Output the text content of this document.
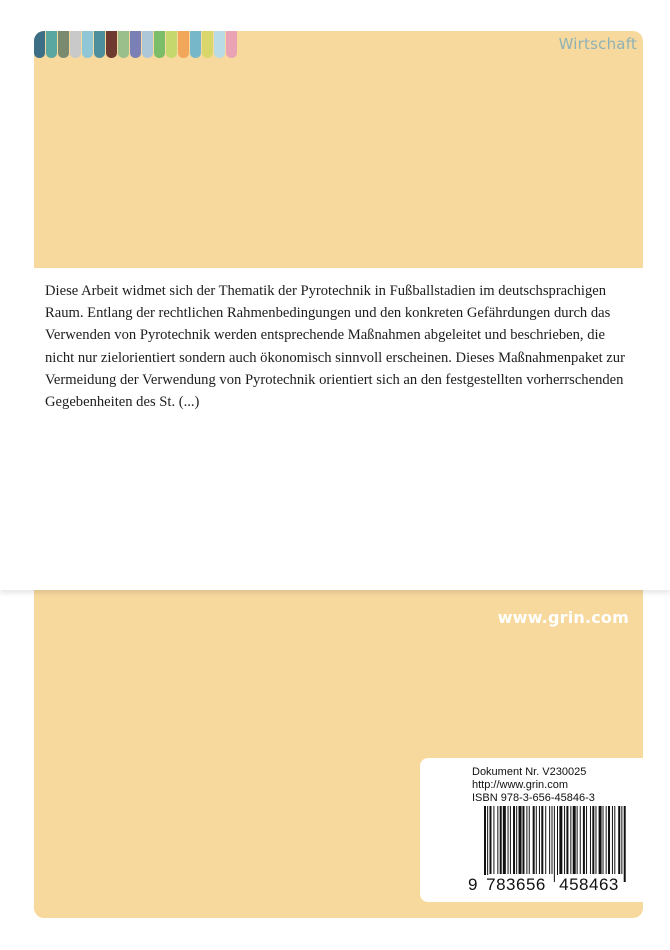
Wirtschaft

Diese Arbeit widmet sich der Thematik der Pyrotechnik in Fußballstadien im deutschsprachigen Raum. Entlang der rechtlichen Rahmenbedingungen und den konkreten Gefährdungen durch das Verwenden von Pyrotechnik werden entsprechende Maßnahmen abgeleitet und beschrieben, die nicht nur zielorientiert sondern auch ökonomisch sinnvoll erscheinen. Dieses Maßnahmenpaket zur Vermeidung der Verwendung von Pyrotechnik orientiert sich an den festgestellten vorherrschenden Gegebenheiten des St. (...)

www.grin.com
Dokument Nr. V230025
http://www.grin.com
ISBN 978-3-656-45846-3
9 783656 458463
